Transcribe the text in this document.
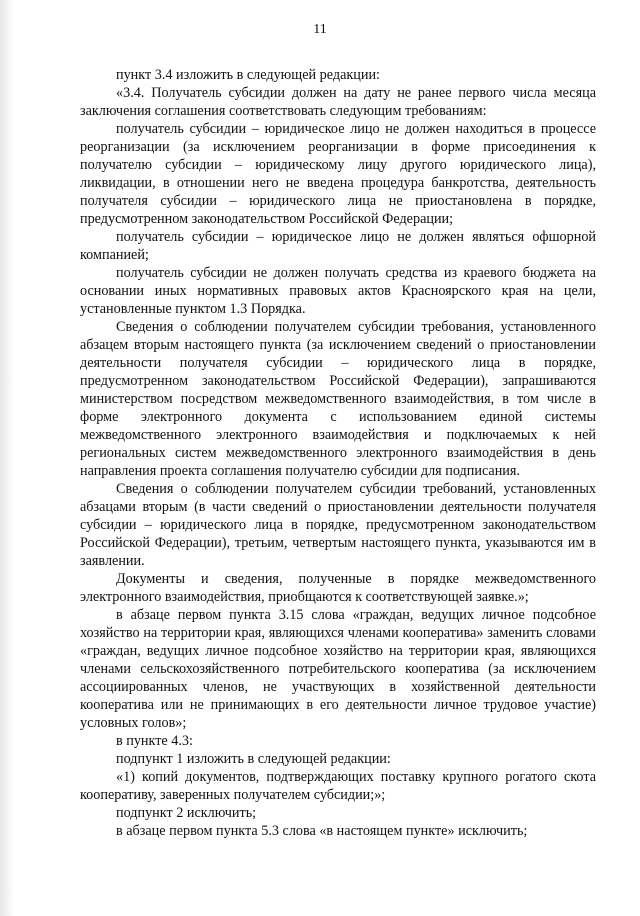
11

пункт 3.4 изложить в следующей редакции:

«3.4. Получатель субсидии должен на дату не ранее первого числа месяца заключения соглашения соответствовать следующим требованиям:

получатель субсидии – юридическое лицо не должен находиться в процессе реорганизации (за исключением реорганизации в форме присоединения к получателю субсидии – юридическому лицу другого юридического лица), ликвидации, в отношении него не введена процедура банкротства, деятельность получателя субсидии – юридического лица не приостановлена в порядке, предусмотренном законодательством Российской Федерации;

получатель субсидии – юридическое лицо не должен являться офшорной компанией;

получатель субсидии не должен получать средства из краевого бюджета на основании иных нормативных правовых актов Красноярского края на цели, установленные пунктом 1.3 Порядка.

Сведения о соблюдении получателем субсидии требования, установленного абзацем вторым настоящего пункта (за исключением сведений о приостановлении деятельности получателя субсидии – юридического лица в порядке, предусмотренном законодательством Российской Федерации), запрашиваются министерством посредством межведомственного взаимодействия, в том числе в форме электронного документа с использованием единой системы межведомственного электронного взаимодействия и подключаемых к ней региональных систем межведомственного электронного взаимодействия в день направления проекта соглашения получателю субсидии для подписания.

Сведения о соблюдении получателем субсидии требований, установленных абзацами вторым (в части сведений о приостановлении деятельности получателя субсидии – юридического лица в порядке, предусмотренном законодательством Российской Федерации), третьим, четвертым настоящего пункта, указываются им в заявлении.

Документы и сведения, полученные в порядке межведомственного электронного взаимодействия, приобщаются к соответствующей заявке.»;

в абзаце первом пункта 3.15 слова «граждан, ведущих личное подсобное хозяйство на территории края, являющихся членами кооператива» заменить словами «граждан, ведущих личное подсобное хозяйство на территории края, являющихся членами сельскохозяйственного потребительского кооператива (за исключением ассоциированных членов, не участвующих в хозяйственной деятельности кооператива или не принимающих в его деятельности личное трудовое участие) условных голов»;

в пункте 4.3:

подпункт 1 изложить в следующей редакции:

«1) копий документов, подтверждающих поставку крупного рогатого скота кооперативу, заверенных получателем субсидии;»;

подпункт 2 исключить;

в абзаце первом пункта 5.3 слова «в настоящем пункте» исключить;
